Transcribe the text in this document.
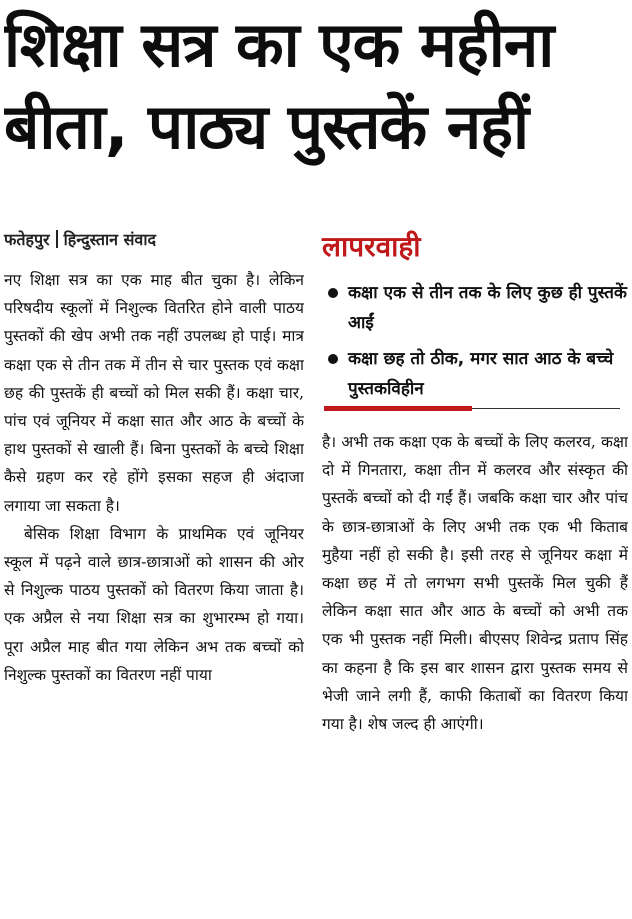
शिक्षा सत्र का एक महीना
बीता, पाठ्य पुस्तकें नहीं
फतेहपुर हिन्दुस्तान संवाद

नए शिक्षा सत्र का एक माह बीत चुका है। लेकिन परिषदीय स्कूलों में निशुल्क वितरित होने वाली पाठय पुस्तकों की खेप अभी तक नहीं उपलब्ध हो पाई। मात्र कक्षा एक से तीन तक में तीन से चार पुस्तक एवं कक्षा छह की पुस्तकें ही बच्चों को मिल सकी हैं। कक्षा चार, पांच एवं जूनियर में कक्षा सात और आठ के बच्चों के हाथ पुस्तकों से खाली हैं। बिना पुस्तकों के बच्चे शिक्षा कैसे ग्रहण कर रहे होंगे इसका सहज ही अंदाजा लगाया जा सकता है।

बेसिक शिक्षा विभाग के प्राथमिक एवं जूनियर स्कूल में पढ़ने वाले छात्र-छात्राओं को शासन की ओर से निशुल्क पाठय पुस्तकों को वितरण किया जाता है। एक अप्रैल से नया शिक्षा सत्र का शुभारम्भ हो गया। पूरा अप्रैल माह बीत गया लेकिन अभ तक बच्चों को निशुल्क पुस्तकों का वितरण नहीं पाया

लापरवाही
कक्षा एक से तीन तक के लिए कुछ ही पुस्तकें आईं
कक्षा छह तो ठीक, मगर सात आठ के बच्चे पुस्तकविहीन

है। अभी तक कक्षा एक के बच्चों के लिए कलरव, कक्षा दो में गिनतारा, कक्षा तीन में कलरव और संस्कृत की पुस्तकें बच्चों को दी गईं हैं। जबकि कक्षा चार और पांच के छात्र-छात्राओं के लिए अभी तक एक भी किताब मुहैया नहीं हो सकी है। इसी तरह से जूनियर कक्षा में कक्षा छह में तो लगभग सभी पुस्तकें मिल चुकी हैं लेकिन कक्षा सात और आठ के बच्चों को अभी तक एक भी पुस्तक नहीं मिली। बीएसए शिवेन्द्र प्रताप सिंह का कहना है कि इस बार शासन द्वारा पुस्तक समय से भेजी जाने लगी हैं, काफी किताबों का वितरण किया गया है। शेष जल्द ही आएंगी।
